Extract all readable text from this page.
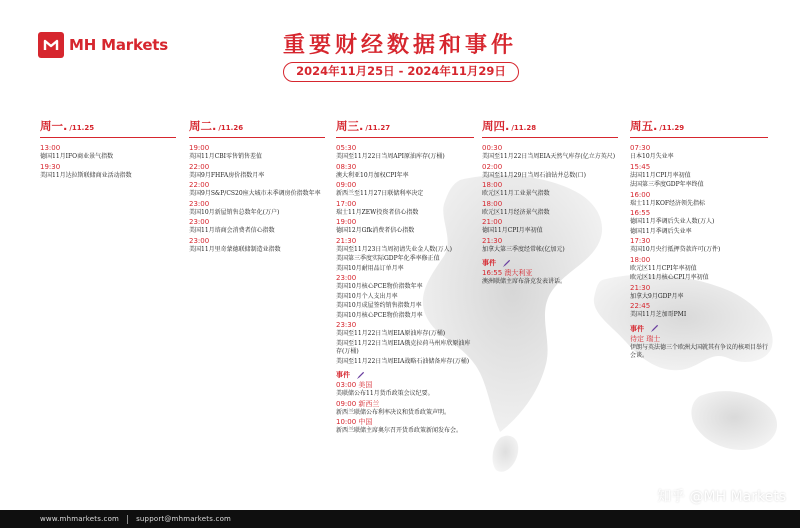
MH Markets	重要财经数据和事件
2024年11月25日 - 2024年11月29日
周一. /11.25
13:00
德国11月IFO商业景气指数
19:30
美国11月达拉斯联储商业活动指数
周二. /11.26
19:00
英国11月CBI零售销售差值
22:00
美国9月FHFA房价指数月率
22:00
美国9月S&P/CS20座大城市未季调房价指数年率
23:00
美国10月新屋销售总数年化(万户)
23:00
美国11月谘商会消费者信心指数
23:00
美国11月里奇蒙德联储制造业指数
周三. /11.27
05:30
美国至11月22日当周API原油库存(万桶)
08:30
澳大利亚10月加权CPI年率
09:00
新西兰至11月27日联储利率决定
17:00
瑞士11月ZEW投资者信心指数
19:00
德国12月Gfk消费者信心指数
21:30
美国至11月23日当周初请失业金人数(万人)
美国第三季度实际GDP年化季率修正值
美国10月耐用品订单月率
23:00
美国10月核心PCE物价指数年率
美国10月个人支出月率
美国10月成屋签约销售指数月率
美国10月核心PCE物价指数月率
23:30
美国至11月22日当周EIA原油库存(万桶)
美国至11月22日当周EIA俄克拉荷马州库欣原油库存(万桶)
美国至11月22日当周EIA战略石油储备库存(万桶)
事件
03:00 美国
美联储公布11月货币政策会议纪要。
09:00 新西兰
新西兰联储公布利率决议和货币政策声明。
10:00 中国
新西兰联储主席奥尔召开货币政策新闻发布会。
周四. /11.28
00:30
美国至11月22日当周EIA天然气库存(亿立方英尺)
02:00
美国至11月29日当周石油钻井总数(口)
18:00
欧元区11月工业景气指数
18:00
欧元区11月经济景气指数
21:00
德国11月CPI月率初值
21:30
加拿大第三季度经常帐(亿加元)
事件
16:55 澳大利亚
澳洲联储主席布洛克发表讲话。
周五. /11.29
07:30
日本10月失业率
15:45
法国11月CPI月率初值
法国第三季度GDP年率终值
16:00
瑞士11月KOF经济领先指标
16:55
德国11月季调后失业人数(万人)
德国11月季调后失业率
17:30
英国10月央行抵押贷款许可(万件)
18:00
欧元区11月CPI年率初值
欧元区11月核心CPI月率初值
21:30
加拿大9月GDP月率
22:45
美国11月芝加哥PMI
事件
待定 瑞士
伊朗与英法德三个欧洲大国就其有争议的核项目举行会谈。
www.mhmarkets.com support@mhmarkets.com
知乎 @MH Markets
